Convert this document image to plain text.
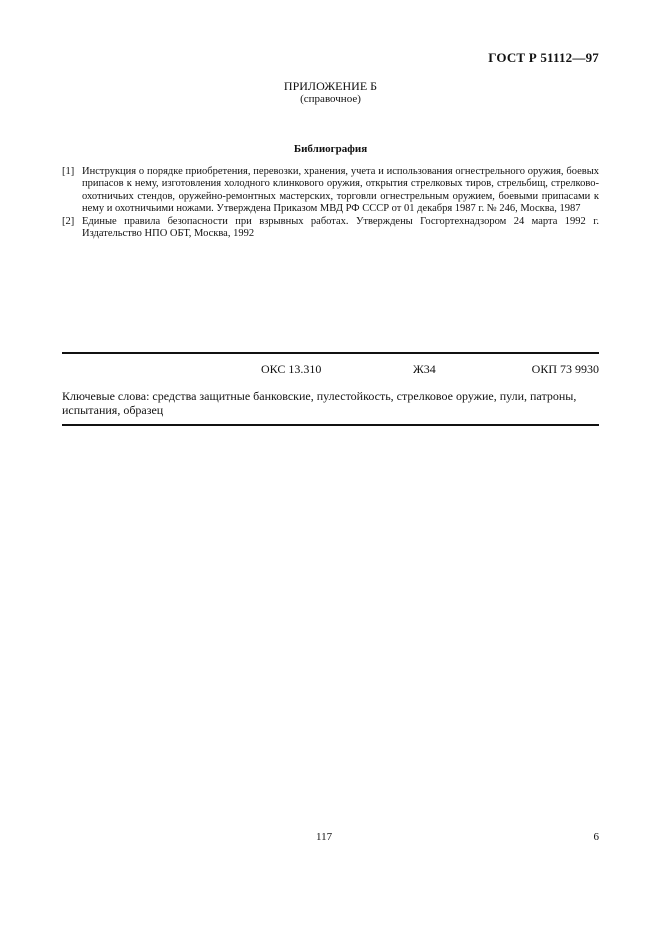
ГОСТ Р 51112—97
ПРИЛОЖЕНИЕ Б
(справочное)
Библиография
[1] Инструкция о порядке приобретения, перевозки, хранения, учета и использования огнестрельного оружия, боевых припасов к нему, изготовления холодного клинкового оружия, открытия стрелковых тиров, стрельбищ, стрелково-охотничьих стендов, оружейно-ремонтных мастерских, торговли огнестрельным оружием, боевыми припасами к нему и охотничьими ножами. Утверждена Приказом МВД РФ СССР от 01 декабря 1987 г. № 246, Москва, 1987
[2] Единые правила безопасности при взрывных работах. Утверждены Госгортехнадзором 24 марта 1992 г. Издательство НПО ОБТ, Москва, 1992
ОКС 13.310	Ж34	ОКП 73 9930
Ключевые слова: средства защитные банковские, пулестойкость, стрелковое оружие, пули, патроны, испытания, образец
117	6
